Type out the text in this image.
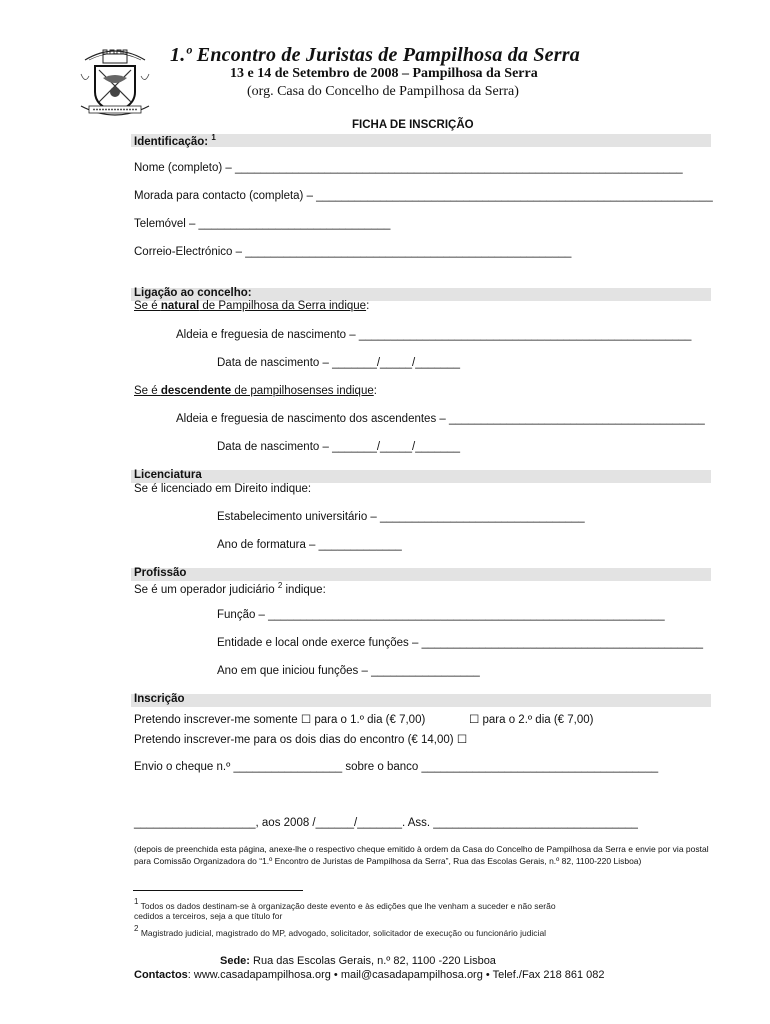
1.º Encontro de Juristas de Pampilhosa da Serra
13 e 14 de Setembro de 2008 – Pampilhosa da Serra
(org. Casa do Concelho de Pampilhosa da Serra)
FICHA DE INSCRIÇÃO
Identificação: $^1$
Nome (completo) – ______________________________________________________________________
Morada para contacto (completa) – ______________________________________________________________
Telemóvel – ______________________________
Correio-Electrónico – ___________________________________________________
Ligação ao concelho:
Se é natural de Pampilhosa da Serra indique:
Aldeia e freguesia de nascimento – ____________________________________________________
Data de nascimento – _______/_____/_______
Se é descendente de pampilhosenses indique:
Aldeia e freguesia de nascimento dos ascendentes – ________________________________________
Data de nascimento – _______/_____/_______
Licenciatura
Se é licenciado em Direito indique:
Estabelecimento universitário – ________________________________
Ano de formatura – _____________
Profissão
Se é um operador judiciário $^2$ indique:
Função – ______________________________________________________________
Entidade e local onde exerce funções – ____________________________________________
Ano em que iniciou funções – _________________
Inscrição
Pretendo inscrever-me somente ☐ para o 1.º dia (€ 7,00)	☐ para o 2.º dia (€ 7,00)
Pretendo inscrever-me para os dois dias do encontro (€ 14,00) ☐
Envio o cheque n.º _________________ sobre o banco _____________________________________
___________________, aos 2008 /______/_______. Ass. ________________________________
(depois de preenchida esta página, anexe-lhe o respectivo cheque emitido à ordem da Casa do Concelho de Pampilhosa da Serra e envie por via postal para Comissão Organizadora do “1.º Encontro de Juristas de Pampilhosa da Serra”, Rua das Escolas Gerais, n.º 82, 1100-220 Lisboa)
$^1$ Todos os dados destinam-se à organização deste evento e às edições que lhe venham a suceder e não serão
cedidos a terceiros, seja a que título for
$^2$ Magistrado judicial, magistrado do MP, advogado, solicitador, solicitador de execução ou funcionário judicial
Sede: Rua das Escolas Gerais, n.º 82, 1100 -220 Lisboa
Contactos: www.casadapampilhosa.org • mail@casadapampilhosa.org • Telef./Fax 218 861 082
